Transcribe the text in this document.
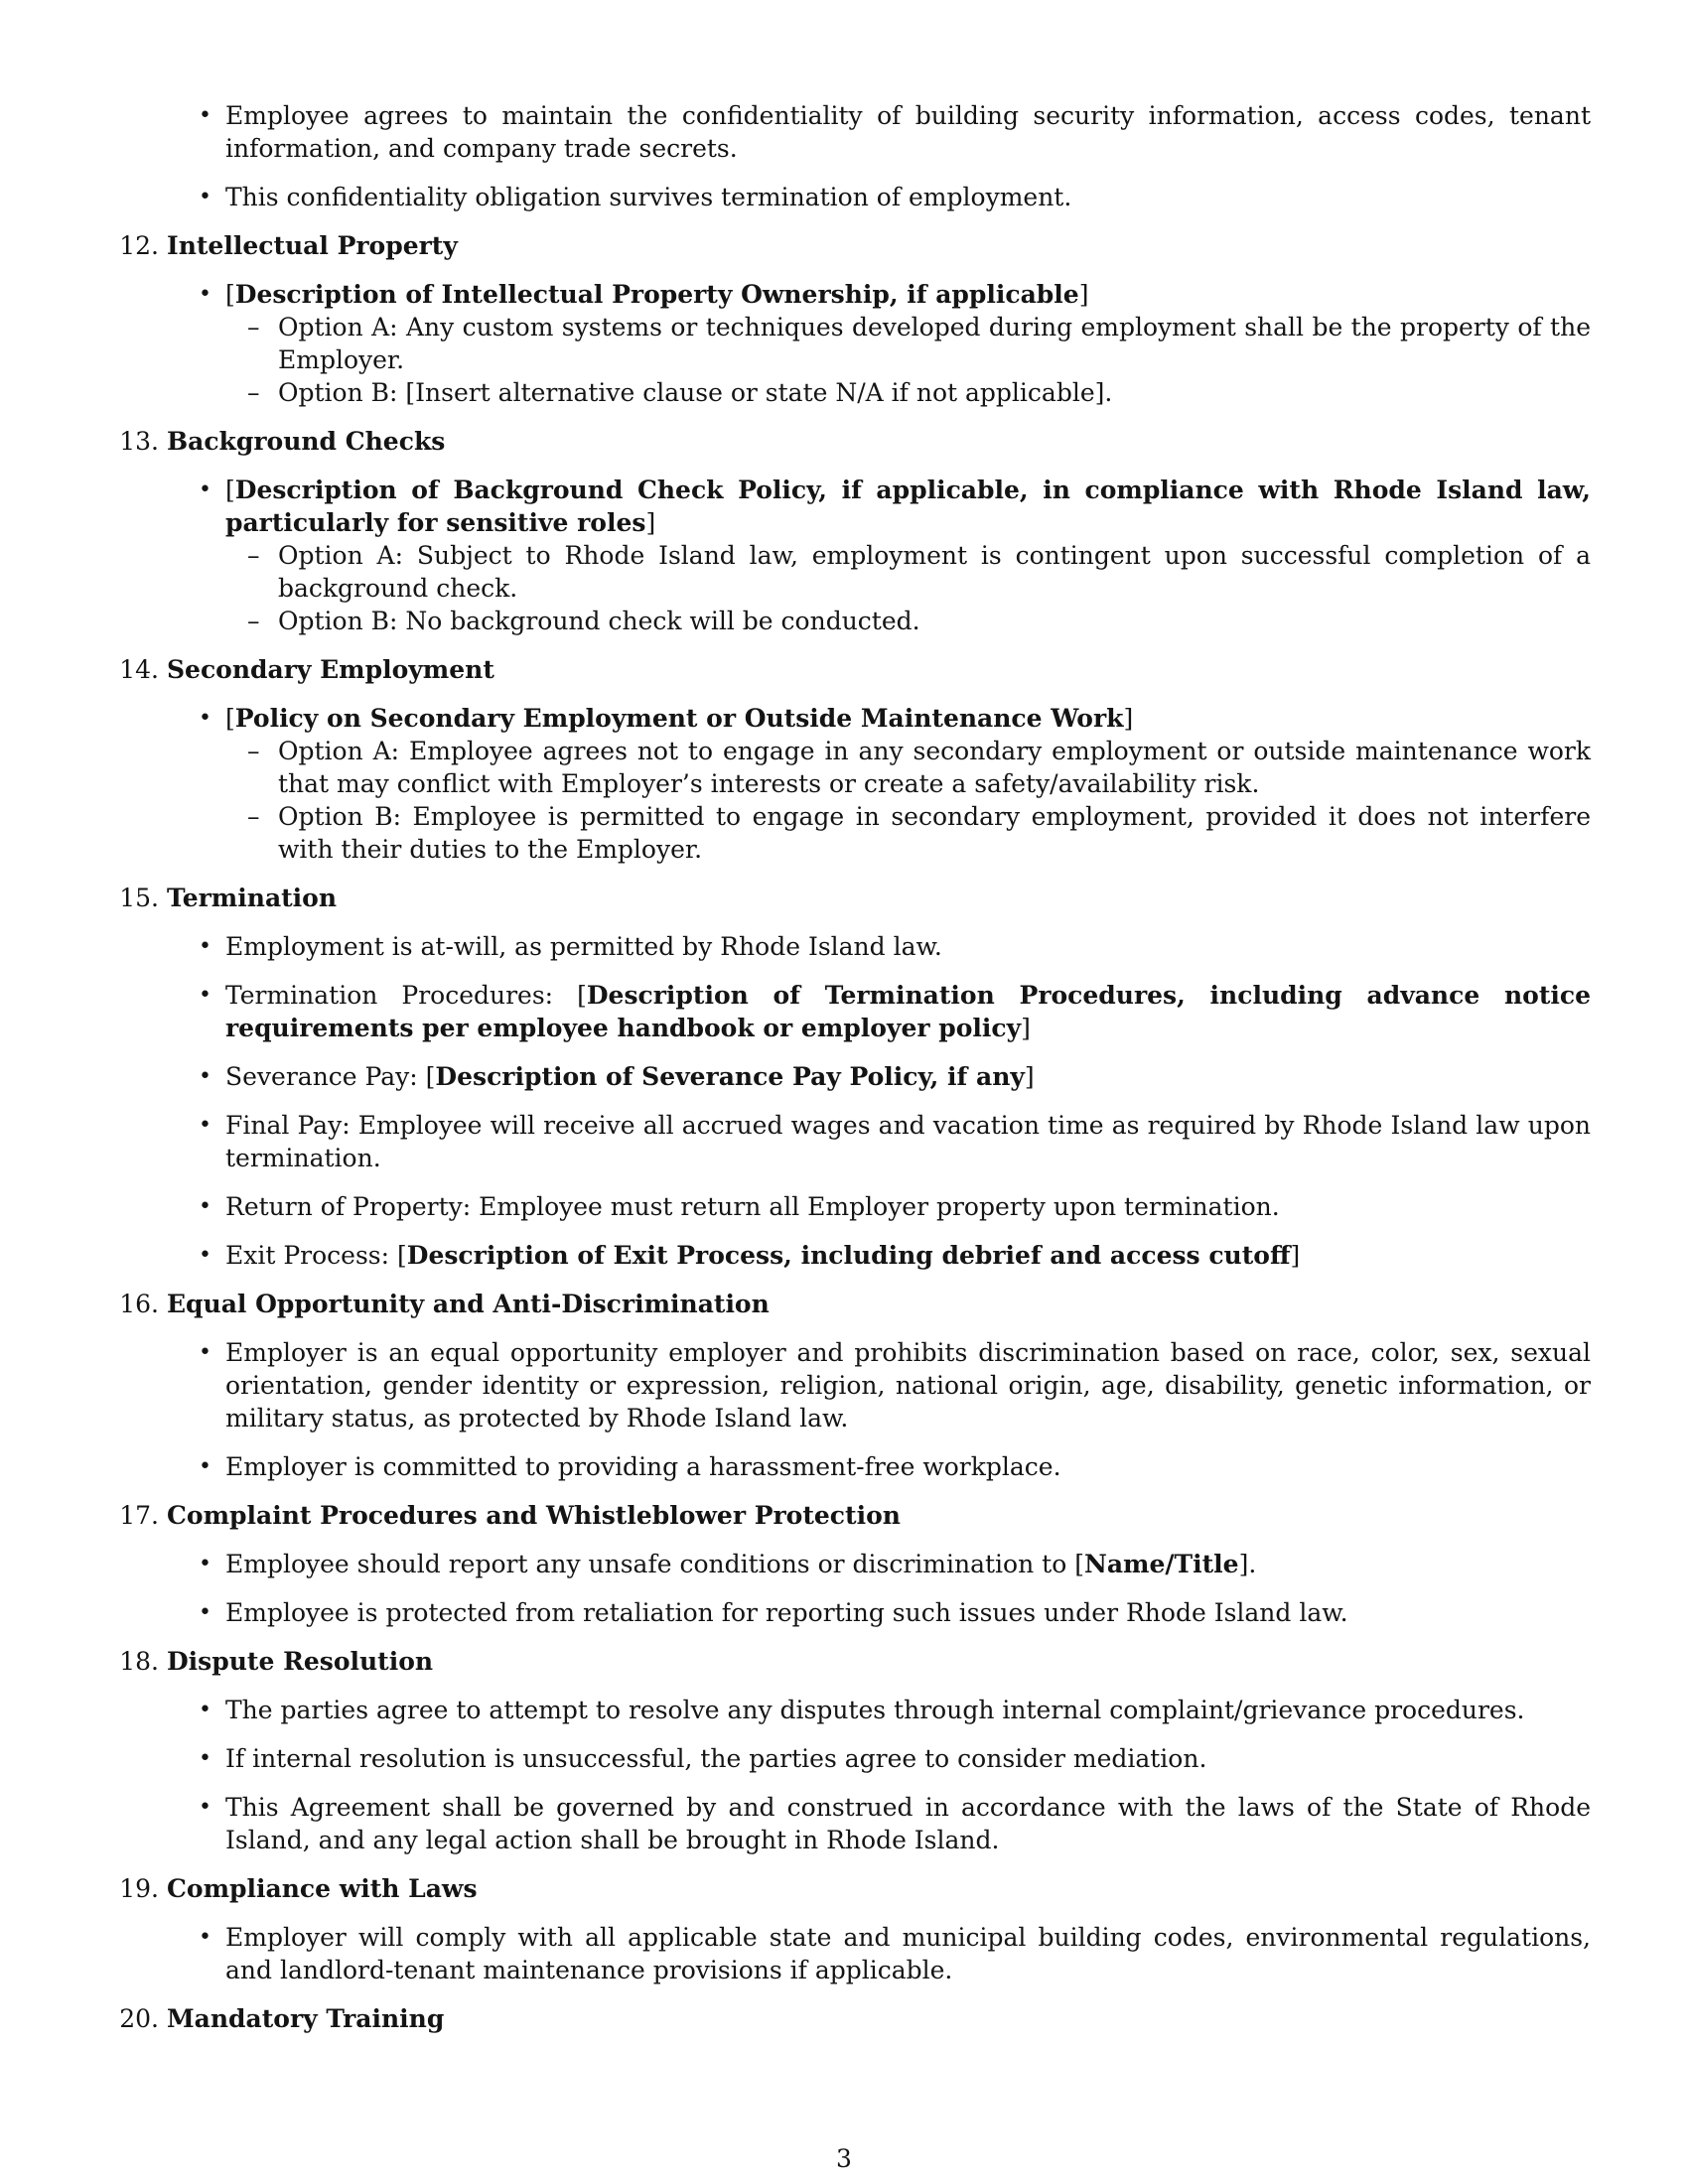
• Employee agrees to maintain the confidentiality of building security information, access codes, tenant information, and company trade secrets.
• This confidentiality obligation survives termination of employment.
12. Intellectual Property
• [Description of Intellectual Property Ownership, if applicable]
– Option A: Any custom systems or techniques developed during employment shall be the property of the Employer.
– Option B: [Insert alternative clause or state N/A if not applicable].
13. Background Checks
• [Description of Background Check Policy, if applicable, in compliance with Rhode Island law, particularly for sensitive roles]
– Option A: Subject to Rhode Island law, employment is contingent upon successful completion of a background check.
– Option B: No background check will be conducted.
14. Secondary Employment
• [Policy on Secondary Employment or Outside Maintenance Work]
– Option A: Employee agrees not to engage in any secondary employment or outside maintenance work that may conflict with Employer’s interests or create a safety/availability risk.
– Option B: Employee is permitted to engage in secondary employment, provided it does not interfere with their duties to the Employer.
15. Termination
• Employment is at-will, as permitted by Rhode Island law.
• Termination Procedures: [Description of Termination Procedures, including advance notice requirements per employee handbook or employer policy]
• Severance Pay: [Description of Severance Pay Policy, if any]
• Final Pay: Employee will receive all accrued wages and vacation time as required by Rhode Island law upon termination.
• Return of Property: Employee must return all Employer property upon termination.
• Exit Process: [Description of Exit Process, including debrief and access cutoff]
16. Equal Opportunity and Anti-Discrimination
• Employer is an equal opportunity employer and prohibits discrimination based on race, color, sex, sexual orientation, gender identity or expression, religion, national origin, age, disability, genetic information, or military status, as protected by Rhode Island law.
• Employer is committed to providing a harassment-free workplace.
17. Complaint Procedures and Whistleblower Protection
• Employee should report any unsafe conditions or discrimination to [Name/Title].
• Employee is protected from retaliation for reporting such issues under Rhode Island law.
18. Dispute Resolution
• The parties agree to attempt to resolve any disputes through internal complaint/grievance procedures.
• If internal resolution is unsuccessful, the parties agree to consider mediation.
• This Agreement shall be governed by and construed in accordance with the laws of the State of Rhode Island, and any legal action shall be brought in Rhode Island.
19. Compliance with Laws
• Employer will comply with all applicable state and municipal building codes, environmental regulations, and landlord-tenant maintenance provisions if applicable.
20. Mandatory Training
3
